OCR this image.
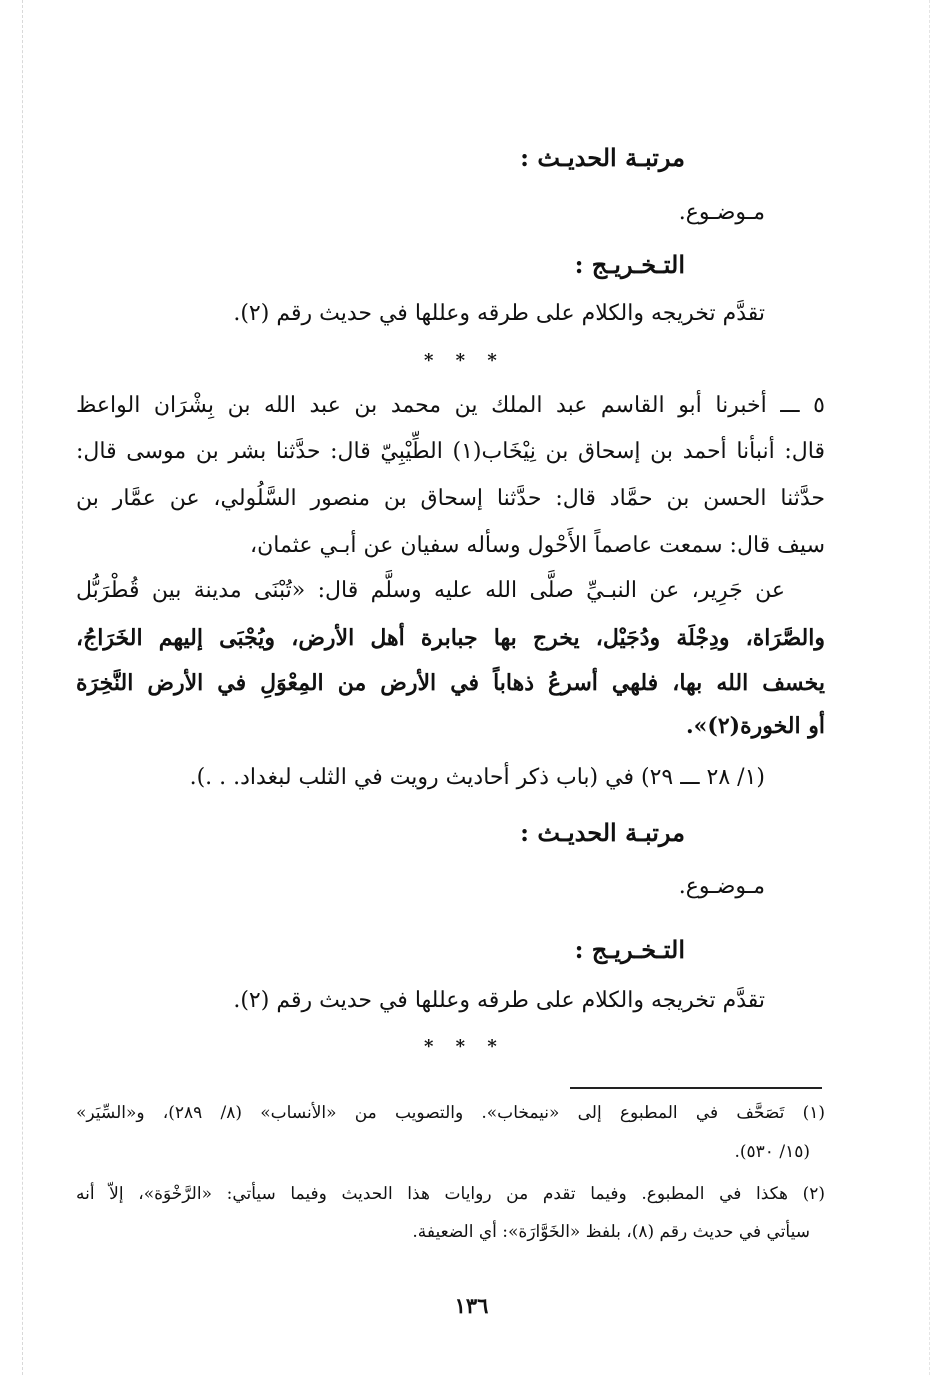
مرتبـة الحديـث :
مـوضـوع.
التـخـريـج :
تقدَّم تخريجه والكلام على طرقه وعللها في حديث رقم (٢).
* * *
٥ ـــ أخبرنا أبو القاسم عبد الملك ين محمد بن عبد الله بن بِشْرَان الواعظ
قال: أنبأنا أحمد بن إسحاق بن نِيْخَاب(١) الطِّيْبِيّ قال: حدَّثنا بشر بن موسى قال:
حدَّثنا الحسن بن حمَّاد قال: حدَّثنا إسحاق بن منصور السَّلُولي، عن عمَّار بن
سيف قال: سمعت عاصماً الأَحْول وسأله سفيان عن أبـي عثمان،
عن جَرِير، عن النبـيِّ صلَّى الله عليه وسلَّم قال: «تُبْنَى مدينة بين قُطْرَبُّل
والصَّرَاة، ودِجْلَة ودُجَيْل، يخرج بها جبابرة أهل الأرض، ويُجْبَى إليهم الخَرَاجُ،
يخسف الله بها، فلهي أسرعُ ذهاباً في الأرض من المِعْوَلِ في الأرض النَّخِرَة
أو الخورة(٢)».
(١/ ٢٨ ـــ ٢٩) في (باب ذكر أحاديث رويت في الثلب لبغداد. . .).
مرتبـة الحديـث :
مـوضـوع.
التـخـريـج :
تقدَّم تخريجه والكلام على طرقه وعللها في حديث رقم (٢).
* * *
(١) تَصَحَّف في المطبوع إلى «نيمخاب». والتصويب من «الأنساب» (٨/ ٢٨٩)، و«السِّيَر»
(١٥/ ٥٣٠).
(٢) هكذا في المطبوع. وفيما تقدم من روايات هذا الحديث وفيما سيأتي: «الرَّخْوَة»، إلاّ أنه
سيأتي في حديث رقم (٨)، بلفظ «الخَوَّارَة»: أي الضعيفة.
١٣٦
